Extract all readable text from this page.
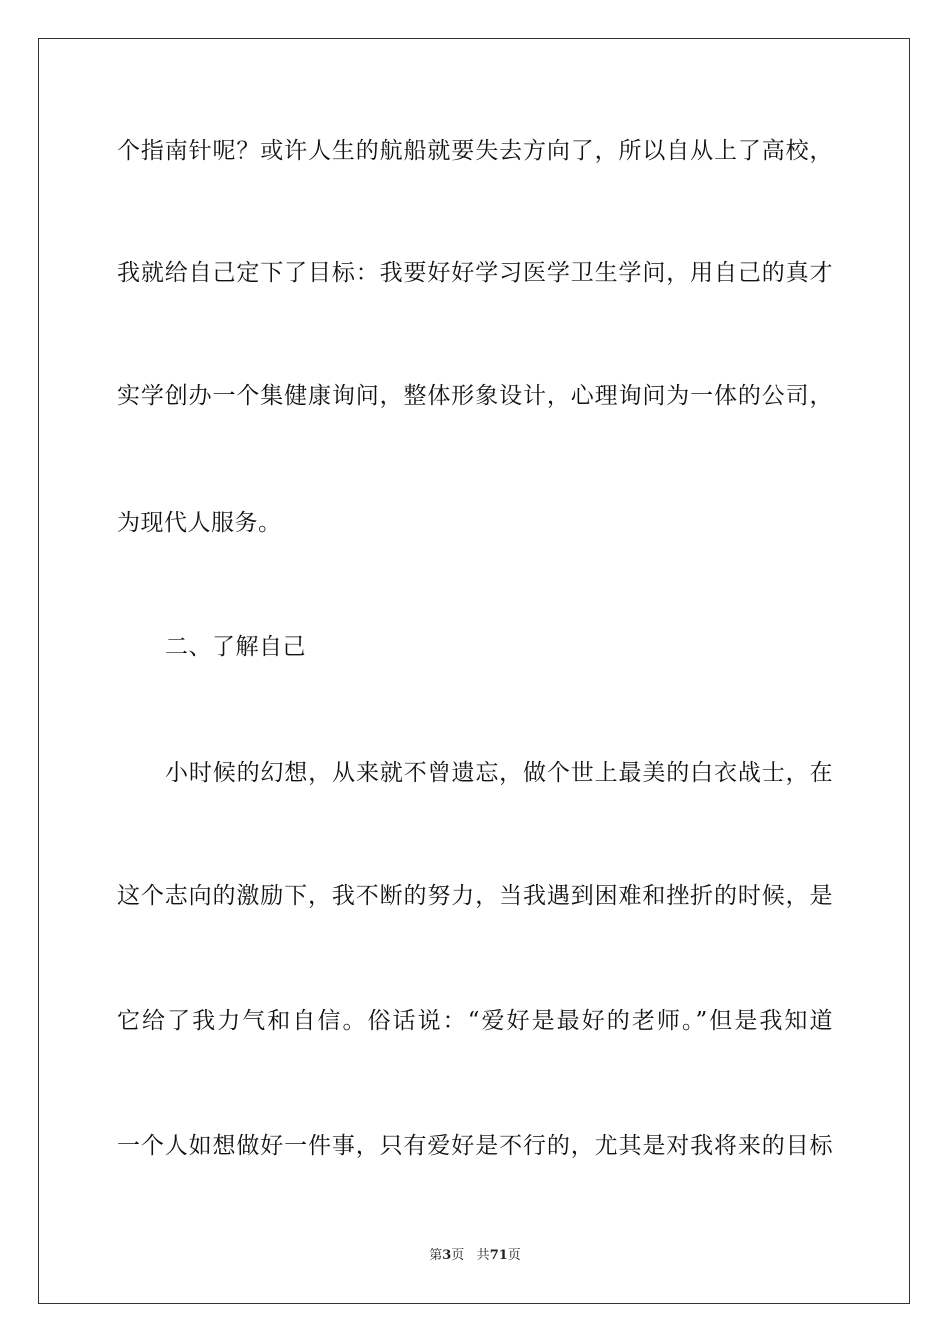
个指南针呢？或许人生的航船就要失去方向了，所以自从上了高校，
我就给自己定下了目标：我要好好学习医学卫生学问，用自己的真才
实学创办一个集健康询问，整体形象设计，心理询问为一体的公司，
为现代人服务。
二、了解自己
小时候的幻想，从来就不曾遗忘，做个世上最美的白衣战士，在
这个志向的激励下，我不断的努力，当我遇到困难和挫折的时候，是
它给了我力气和自信。俗话说：“爱好是最好的老师。”但是我知道
一个人如想做好一件事，只有爱好是不行的，尤其是对我将来的目标
第3页 共71页
